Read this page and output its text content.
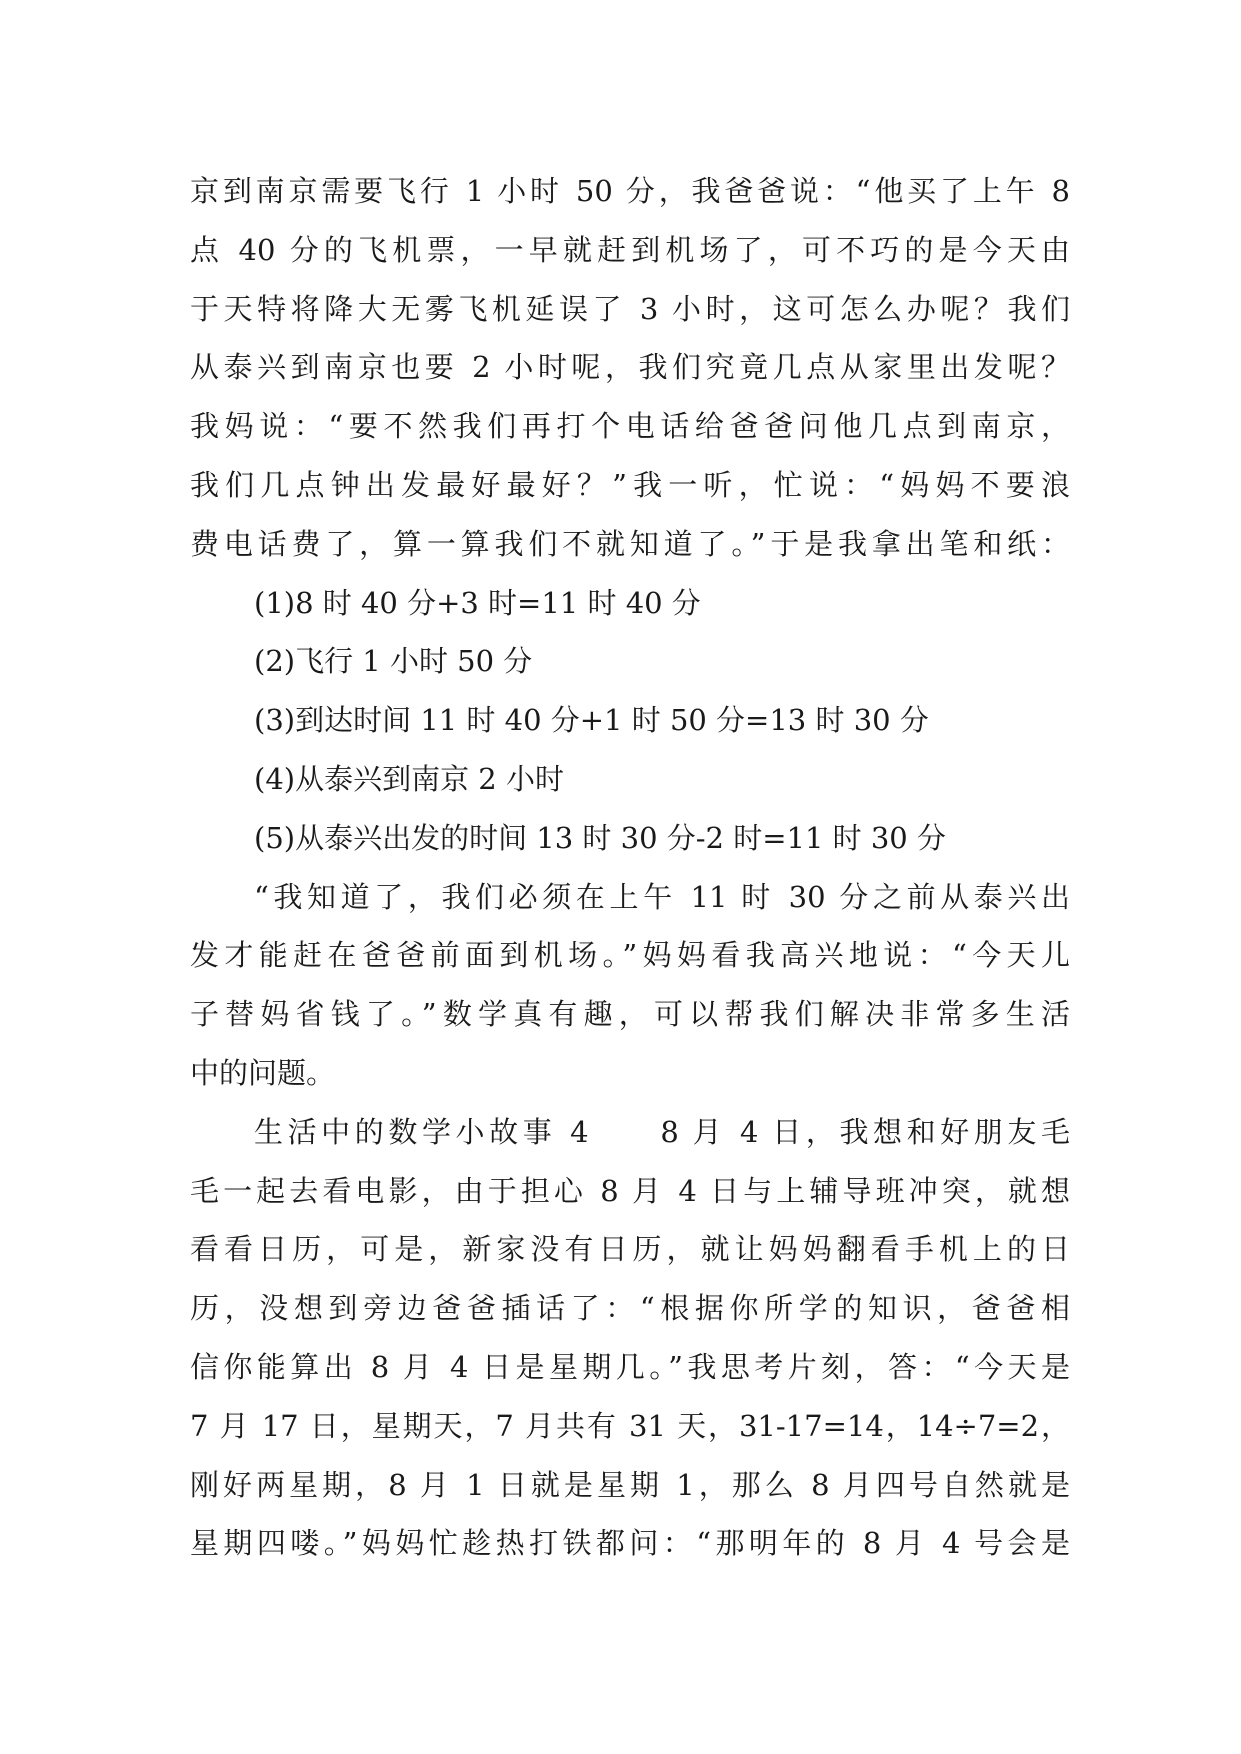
京到南京需要飞行 1 小时 50 分，我爸爸说：“他买了上午 8
点 40 分的飞机票，一早就赶到机场了，可不巧的是今天由
于天特将降大无雾飞机延误了 3 小时，这可怎么办呢？我们
从泰兴到南京也要 2 小时呢，我们究竟几点从家里出发呢？
我妈说：“要不然我们再打个电话给爸爸问他几点到南京，
我们几点钟出发最好最好？”我一听，忙说：“妈妈不要浪
费电话费了，算一算我们不就知道了。”于是我拿出笔和纸：
(1)8 时 40 分+3 时=11 时 40 分
(2)飞行 1 小时 50 分
(3)到达时间 11 时 40 分+1 时 50 分=13 时 30 分
(4)从泰兴到南京 2 小时
(5)从泰兴出发的时间 13 时 30 分-2 时=11 时 30 分
“我知道了，我们必须在上午 11 时 30 分之前从泰兴出
发才能赶在爸爸前面到机场。”妈妈看我高兴地说：“今天儿
子替妈省钱了。”数学真有趣，可以帮我们解决非常多生活
中的问题。
生活中的数学小故事 4　　8 月 4 日，我想和好朋友毛
毛一起去看电影，由于担心 8 月 4 日与上辅导班冲突，就想
看看日历，可是，新家没有日历，就让妈妈翻看手机上的日
历，没想到旁边爸爸插话了：“根据你所学的知识，爸爸相
信你能算出 8 月 4 日是星期几。”我思考片刻，答：“今天是
7 月 17 日，星期天，7 月共有 31 天，31-17=14，14÷7=2，
刚好两星期，8 月 1 日就是星期 1，那么 8 月四号自然就是
星期四喽。”妈妈忙趁热打铁都问：“那明年的 8 月 4 号会是
